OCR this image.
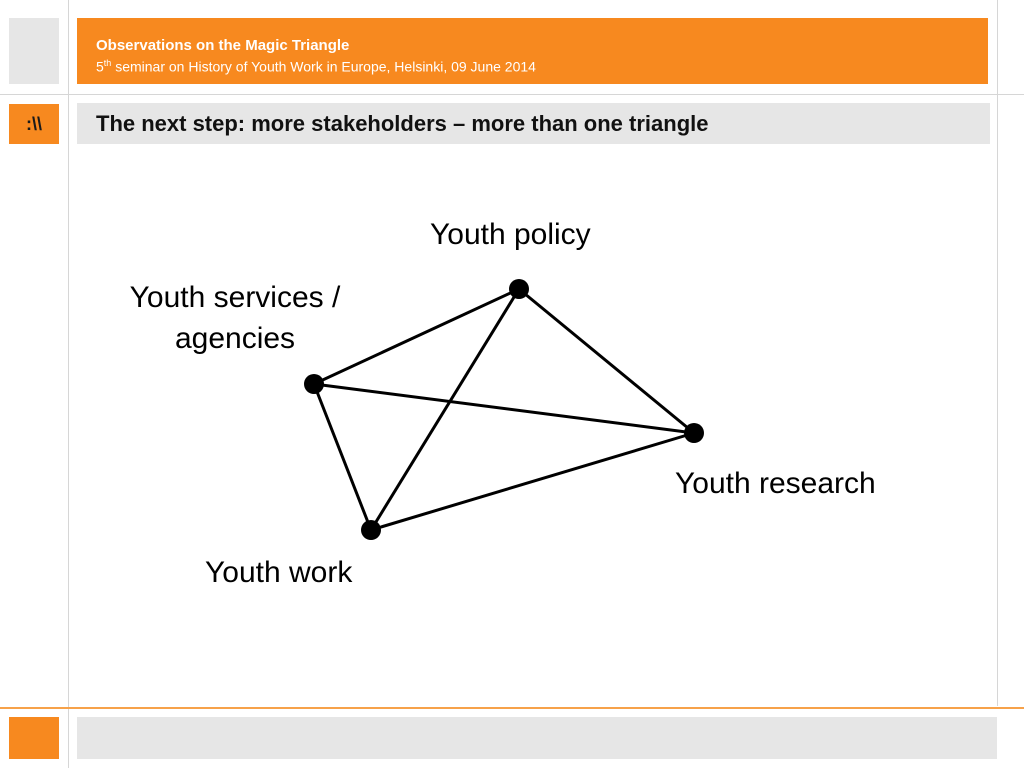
Observations on the Magic Triangle
5th seminar on History of Youth Work in Europe, Helsinki, 09 June 2014
:\\	The next step: more stakeholders – more than one triangle
Youth policy
Youth services /
agencies
Youth research
Youth work
